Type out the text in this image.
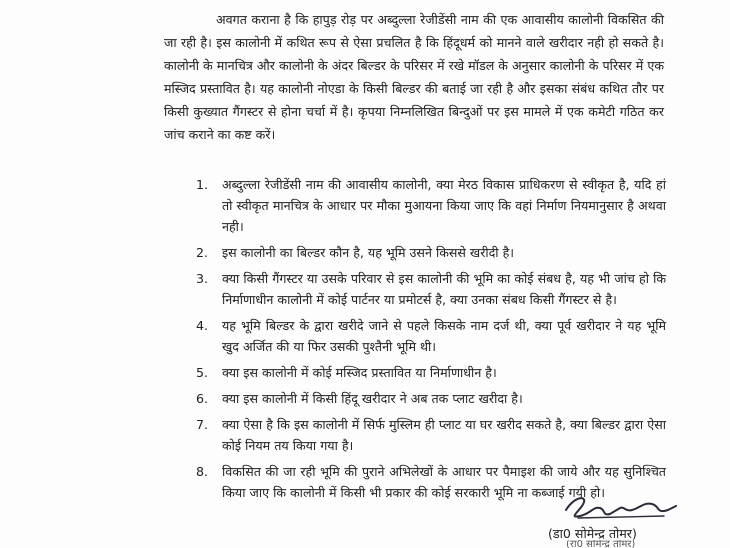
अवगत कराना है कि हापुड़ रोड़ पर अब्दुल्ला रेजीडेंसी नाम की एक आवासीय कालोनी विकसित की जा रही है। इस कालोनी में कथित रूप से ऐसा प्रचलित है कि हिंदूधर्म को मानने वाले खरीदार नही हो सकते है। कालोनी के मानचित्र और कालोनी के अंदर बिल्डर के परिसर में रखे मॉडल के अनुसार कालोनी के परिसर में एक मस्जिद प्रस्तावित है। यह कालोनी नोएडा के किसी बिल्डर की बताई जा रही है और इसका संबंध कथित तौर पर किसी कुख्यात गैंगस्टर से होना चर्चा में है। कृपया निम्नलिखित बिन्दुओं पर इस मामले में एक कमेटी गठित कर जांच कराने का कष्ट करें।

1. अब्दुल्ला रेजीडेंसी नाम की आवासीय कालोनी, क्या मेरठ विकास प्राधिकरण से स्वीकृत है, यदि हां तो स्वीकृत मानचित्र के आधार पर मौका मुआयना किया जाए कि वहां निर्माण नियमानुसार है अथवा नही।
2. इस कालोनी का बिल्डर कौन है, यह भूमि उसने किससे खरीदी है।
3. क्या किसी गैंगस्टर या उसके परिवार से इस कालोनी की भूमि का कोई संबध है, यह भी जांच हो कि निर्माणाधीन कालोनी में कोई पार्टनर या प्रमोटर्स है, क्या उनका संबध किसी गैंगस्टर से है।
4. यह भूमि बिल्डर के द्वारा खरीदे जाने से पहले किसके नाम दर्ज थी, क्या पूर्व खरीदार ने यह भूमि खुद अर्जित की या फिर उसकी पुश्तैनी भूमि थी।
5. क्या इस कालोनी में कोई मस्जिद प्रस्तावित या निर्माणाधीन है।
6. क्या इस कालोनी में किसी हिंदू खरीदार ने अब तक प्लाट खरीदा है।
7. क्या ऐसा है कि इस कालोनी में सिर्फ मुस्लिम ही प्लाट या घर खरीद सकते है, क्या बिल्डर द्वारा ऐसा कोई नियम तय किया गया है।
8. विकसित की जा रही भूमि की पुराने अभिलेखों के आधार पर पैमाइश की जाये और यह सुनिश्चित किया जाए कि कालोनी में किसी भी प्रकार की कोई सरकारी भूमि ना कब्जाई गयी हो।

(डा0 सोमेन्द्र तोमर)

(रा0 सोमेन्द्र तोमर)
